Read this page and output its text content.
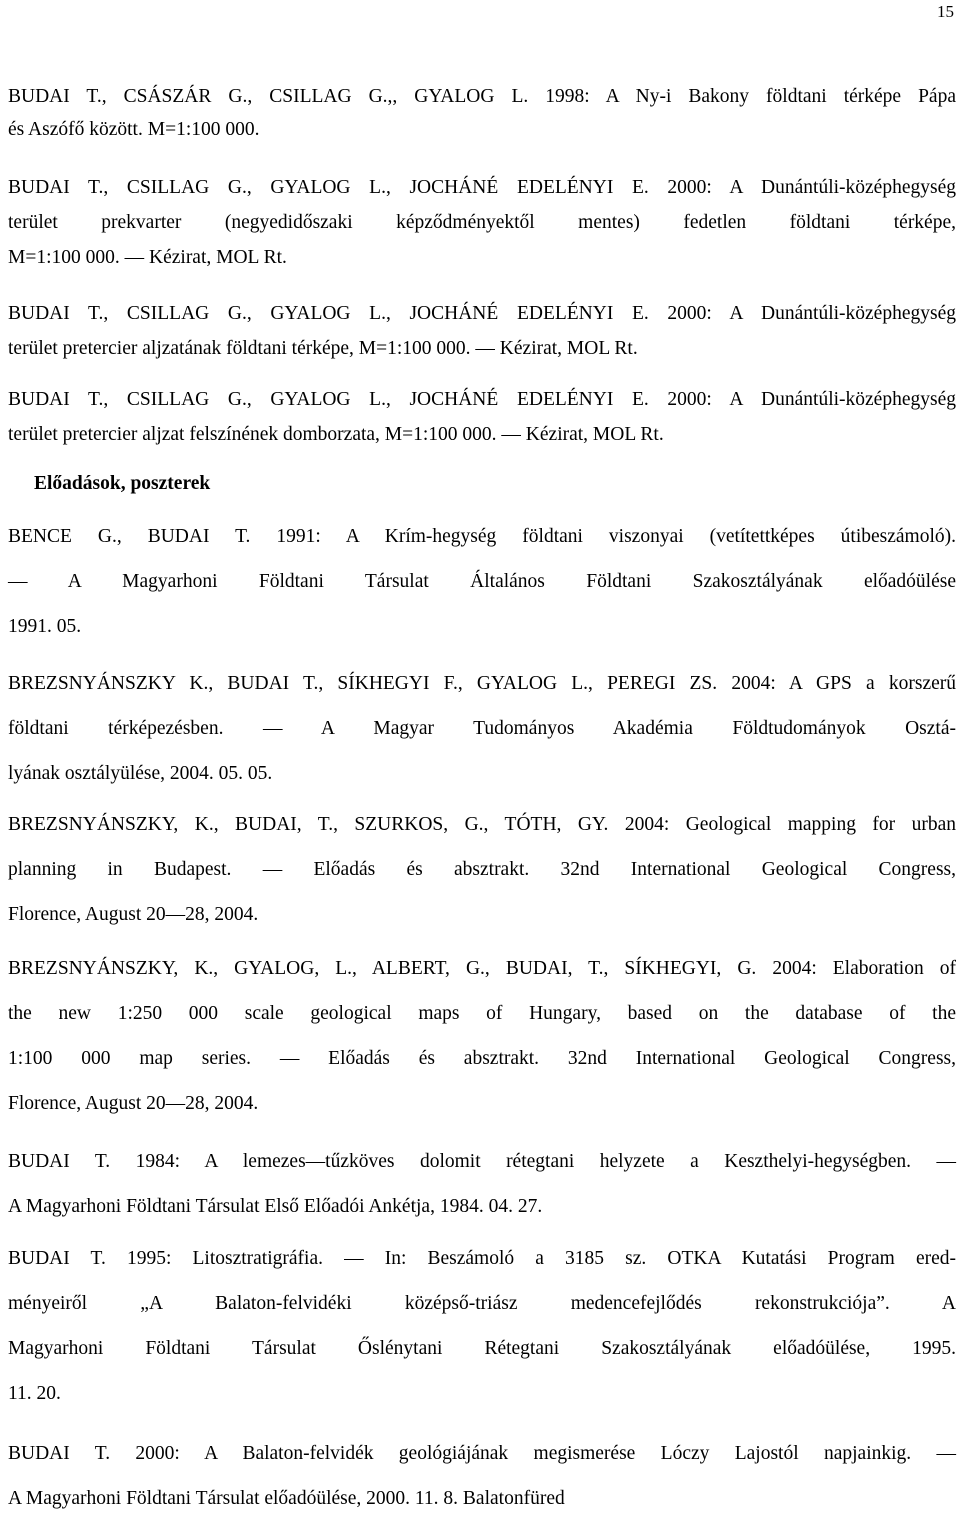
15
BUDAI T., CSÁSZÁR G., CSILLAG G.,, GYALOG L. 1998: A Ny-i Bakony földtani térképe Pápa
és Aszófő között. M=1:100 000.
BUDAI T., CSILLAG G., GYALOG L., JOCHÁNÉ EDELÉNYI E. 2000: A Dunántúli-középhegység
terület prekvarter (negyedidőszaki képződményektől mentes) fedetlen földtani térképe,
M=1:100 000. — Kézirat, MOL Rt.
BUDAI T., CSILLAG G., GYALOG L., JOCHÁNÉ EDELÉNYI E. 2000: A Dunántúli-középhegység
terület pretercier aljzatának földtani térképe, M=1:100 000. — Kézirat, MOL Rt.
BUDAI T., CSILLAG G., GYALOG L., JOCHÁNÉ EDELÉNYI E. 2000: A Dunántúli-középhegység
terület pretercier aljzat felszínének domborzata, M=1:100 000. — Kézirat, MOL Rt.
Előadások, poszterek
BENCE G., BUDAI T. 1991: A Krím-hegység földtani viszonyai (vetítettképes útibeszámoló).
— A Magyarhoni Földtani Társulat Általános Földtani Szakosztályának előadóülése
1991. 05.
BREZSNYÁNSZKY K., BUDAI T., SÍKHEGYI F., GYALOG L., PEREGI ZS. 2004: A GPS a korszerű
földtani térképezésben. — A Magyar Tudományos Akadémia Földtudományok Osztá-
lyának osztályülése, 2004. 05. 05.
BREZSNYÁNSZKY, K., BUDAI, T., SZURKOS, G., TÓTH, GY. 2004: Geological mapping for urban
planning in Budapest. — Előadás és absztrakt. 32nd International Geological Congress,
Florence, August 20—28, 2004.
BREZSNYÁNSZKY, K., GYALOG, L., ALBERT, G., BUDAI, T., SÍKHEGYI, G. 2004: Elaboration of
the new 1:250 000 scale geological maps of Hungary, based on the database of the
1:100 000 map series. — Előadás és absztrakt. 32nd International Geological Congress,
Florence, August 20—28, 2004.
BUDAI T. 1984: A lemezes—tűzköves dolomit rétegtani helyzete a Keszthelyi-hegységben. —
A Magyarhoni Földtani Társulat Első Előadói Ankétja, 1984. 04. 27.
BUDAI T. 1995: Litosztratigráfia. — In: Beszámoló a 3185 sz. OTKA Kutatási Program ered-
ményeiről „A Balaton-felvidéki középső-triász medencefejlődés rekonstrukciója”. A
Magyarhoni Földtani Társulat Őslénytani Rétegtani Szakosztályának előadóülése, 1995.
11. 20.
BUDAI T. 2000: A Balaton-felvidék geológiájának megismerése Lóczy Lajostól napjainkig. —
A Magyarhoni Földtani Társulat előadóülése, 2000. 11. 8. Balatonfüred
